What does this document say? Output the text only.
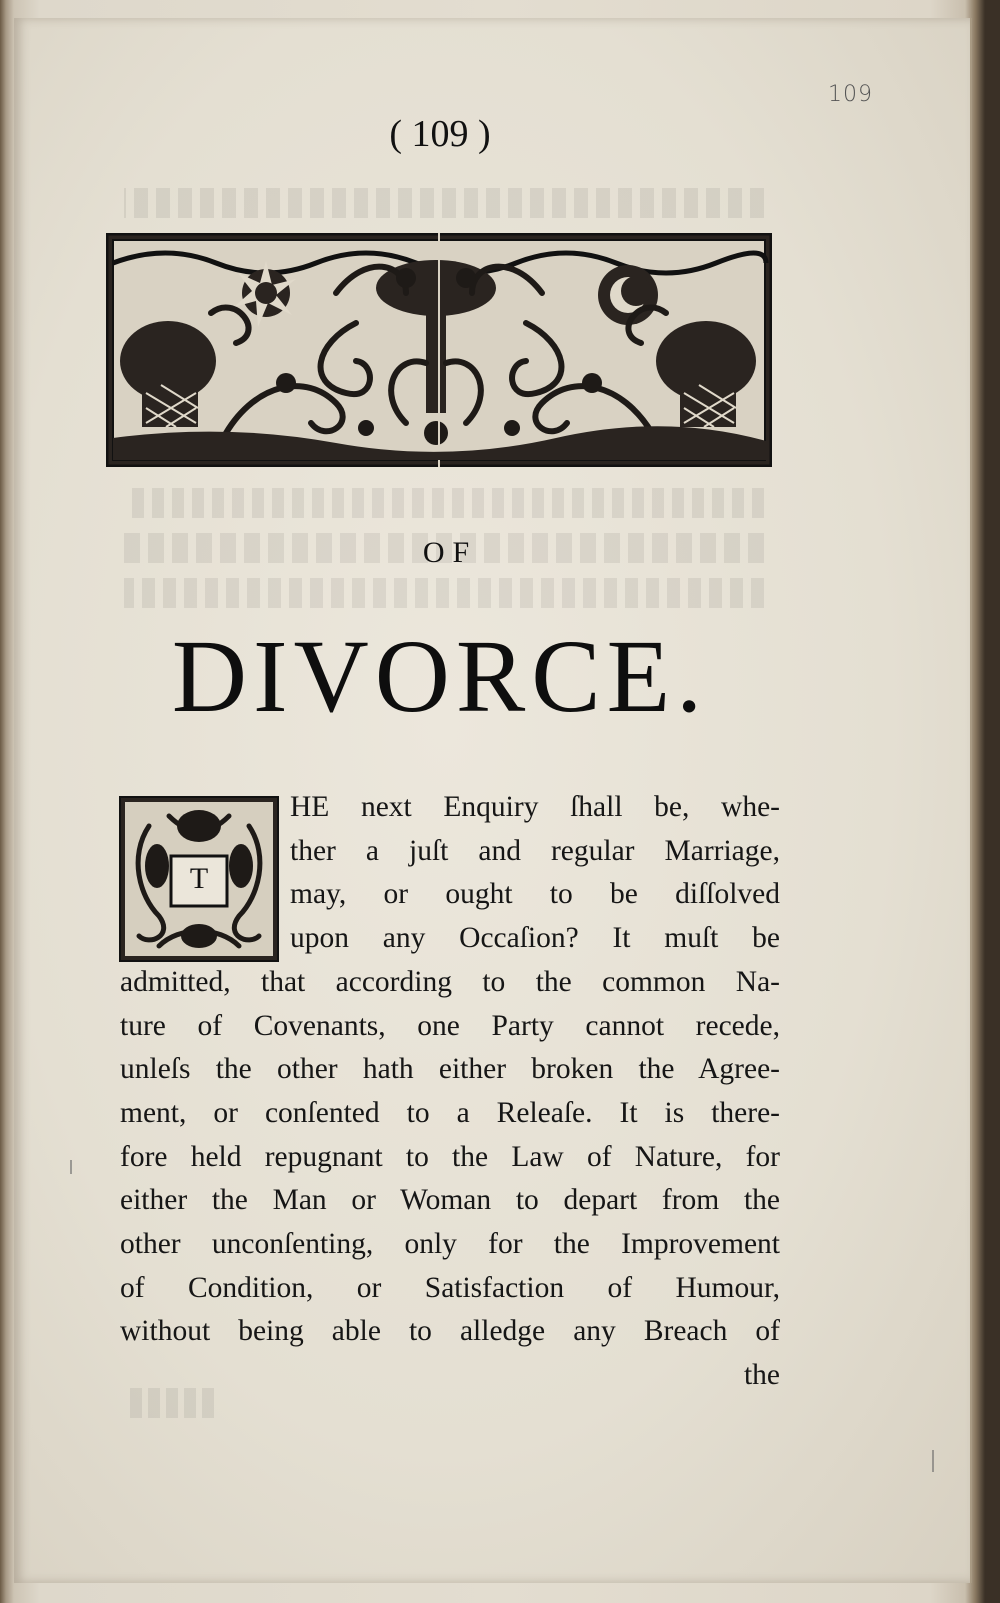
109
( 109 )
OF
DIVORCE.
T
HE next Enquiry ſhall be, whe-
ther a juſt and regular Marriage,
may, or ought to be diſſolved
upon any Occaſion? It muſt be
admitted, that according to the common Na-
ture of Covenants, one Party cannot recede,
unleſs the other hath either broken the Agree-
ment, or conſented to a Releaſe. It is there-
fore held repugnant to the Law of Nature, for
either the Man or Woman to depart from the
other unconſenting, only for the Improvement
of Condition, or Satisfaction of Humour,
without being able to alledge any Breach of
the
